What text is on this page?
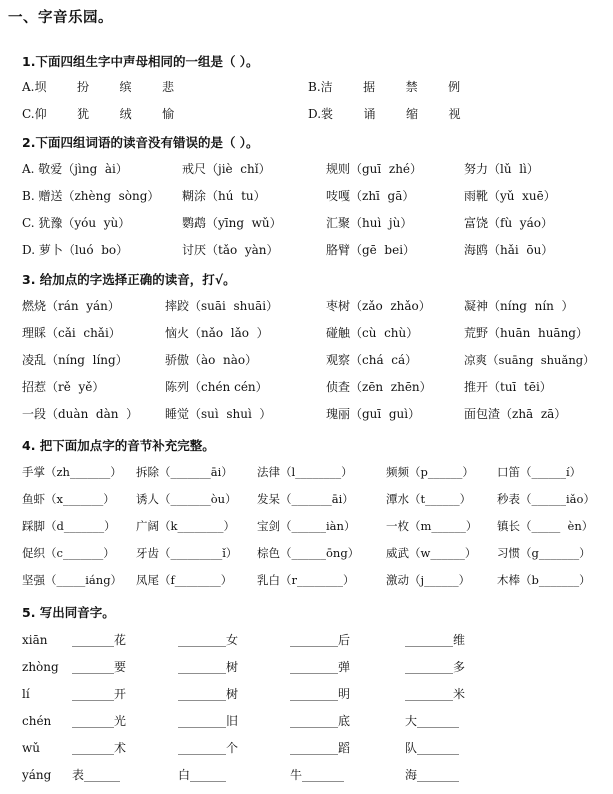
一、字音乐园。
1.下面四组生字中声母相同的一组是（ ）。
A.坝        扮        缤        悲	B.洁        据        禁        例
C.仰        犹        绒        愉	D.裳        诵        缩        视
2.下面四组词语的读音没有错误的是（ ）。
A. 敬爱（jìng  ài）	戒尺（jiè  chǐ）	规则（guī  zhé）	努力（lǔ  lì）
B. 赠送（zhèng  sòng） 糊涂（hú  tu）	吱嘎（zhī  gā）	雨靴（yǔ  xuē）
C. 犹豫（yóu  yù）	鹦鹉（yīng  wǔ）	汇聚（huì  jù）	富饶（fù  yáo）
D. 萝卜（luó  bo）	讨厌（tǎo  yàn）	胳臂（gē  bei）	海鸥（hǎi  ōu）
3. 给加点的字选择正确的读音，打√。
燃烧（rán  yán）	摔跤（suāi  shuāi）	枣树（zǎo  zhǎo）	凝神（níng  nín  ）
理睬（cǎi  chǎi）	恼火（nǎo  lǎo  ）	碰触（cù  chù）	荒野（huān  huāng）
凌乱（níng  líng）	骄傲（ào  nào）	观察（chá  cá）	凉爽（suāng  shuǎng）
招惹（rě  yě）	陈列（chén cén）	侦查（zēn  zhēn）	推开（tuī  tēi）
一段（duàn  dàn  ） 睡觉（suì  shuì  ）	瑰丽（guī  guì）	面包渣（zhā  zā）
4. 把下面加点字的音节补充完整。
手掌（zh_______） 拆除（_______āi） 法律（l________）	频频（p______） 口笛（______í）
鱼虾（x_______） 诱人（_______òu） 发呆（_______āi）	潭水（t______） 秒表（______iǎo）
踩脚（d_______） 广阔（k________） 宝剑（______iàn）	一枚（m______） 镇长（_____  èn）
促织（c_______） 牙齿（_________ǐ） 棕色（______ōng） 威武（w______） 习惯（g_______）
坚强（_____iáng） 凤尾（f________） 乳白（r________）	激动（j______） 木棒（b_______）
5. 写出同音字。
xiān _______花	________女	________后	________维
zhòng _______要	________树	________弹	________多
lí	_______开	________树	________明	________米
chén _______光	________旧	________底	大_______
wǔ	_______术	________个	________蹈	队_______
yáng 表______	白______	牛_______	海_______
